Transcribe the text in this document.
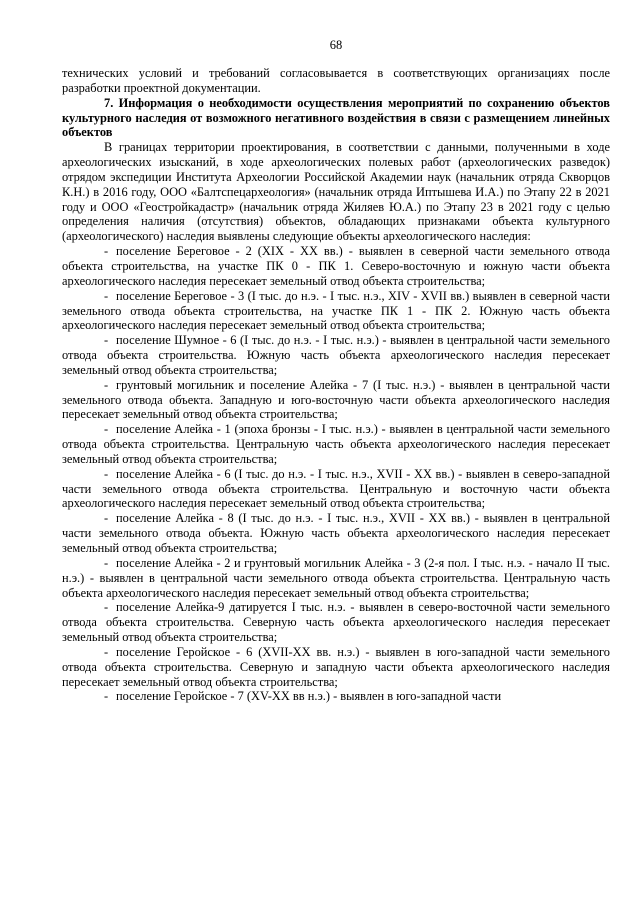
68

технических условий и требований согласовывается в соответствующих организациях после разработки проектной документации.

7. Информация о необходимости осуществления мероприятий по сохранению объектов культурного наследия от возможного негативного воздействия в связи с размещением линейных объектов

В границах территории проектирования, в соответствии с данными, полученными в ходе археологических изысканий, в ходе археологических полевых работ (археологических разведок) отрядом экспедиции Института Археологии Российской Академии наук (начальник отряда Скворцов К.Н.) в 2016 году, ООО «Балтспецархеология» (начальник отряда Иптышева И.А.) по Этапу 22 в 2021 году и ООО «Геостройкадастр» (начальник отряда Жиляев Ю.А.) по Этапу 23 в 2021 году с целью определения наличия (отсутствия) объектов, обладающих признаками объекта культурного (археологического) наследия выявлены следующие объекты археологического наследия:

- поселение Береговое - 2 (XIX - XX вв.) - выявлен в северной части земельного отвода объекта строительства, на участке ПК 0 - ПК 1. Северо-восточную и южную части объекта археологического наследия пересекает земельный отвод объекта строительства;

- поселение Береговое - 3 (I тыс. до н.э. - I тыс. н.э., XIV - XVII вв.) выявлен в северной части земельного отвода объекта строительства, на участке ПК 1 - ПК 2. Южную часть объекта археологического наследия пересекает земельный отвод объекта строительства;

- поселение Шумное - 6 (I тыс. до н.э. - I тыс. н.э.) - выявлен в центральной части земельного отвода объекта строительства. Южную часть объекта археологического наследия пересекает земельный отвод объекта строительства;

- грунтовый могильник и поселение Алейка - 7 (I тыс. н.э.) - выявлен в центральной части земельного отвода объекта. Западную и юго-восточную части объекта археологического наследия пересекает земельный отвод объекта строительства;

- поселение Алейка - 1 (эпоха бронзы - I тыс. н.э.) - выявлен в центральной части земельного отвода объекта строительства. Центральную часть объекта археологического наследия пересекает земельный отвод объекта строительства;

- поселение Алейка - 6 (I тыс. до н.э. - I тыс. н.э., XVII - XX вв.) - выявлен в северо-западной части земельного отвода объекта строительства. Центральную и восточную части объекта археологического наследия пересекает земельный отвод объекта строительства;

- поселение Алейка - 8 (I тыс. до н.э. - I тыс. н.э., XVII - XX вв.) - выявлен в центральной части земельного отвода объекта. Южную часть объекта археологического наследия пересекает земельный отвод объекта строительства;

- поселение Алейка - 2 и грунтовый могильник Алейка - 3 (2-я пол. I тыс. н.э. - начало II тыс. н.э.) - выявлен в центральной части земельного отвода объекта строительства. Центральную часть объекта археологического наследия пересекает земельный отвод объекта строительства;

- поселение Алейка-9 датируется I тыс. н.э. - выявлен в северо-восточной части земельного отвода объекта строительства. Северную часть объекта археологического наследия пересекает земельный отвод объекта строительства;

- поселение Геройское - 6 (XVII-XX вв. н.э.) - выявлен в юго-западной части земельного отвода объекта строительства. Северную и западную части объекта археологического наследия пересекает земельный отвод объекта строительства;

- поселение Геройское - 7 (XV-XX вв н.э.) - выявлен в юго-западной части
